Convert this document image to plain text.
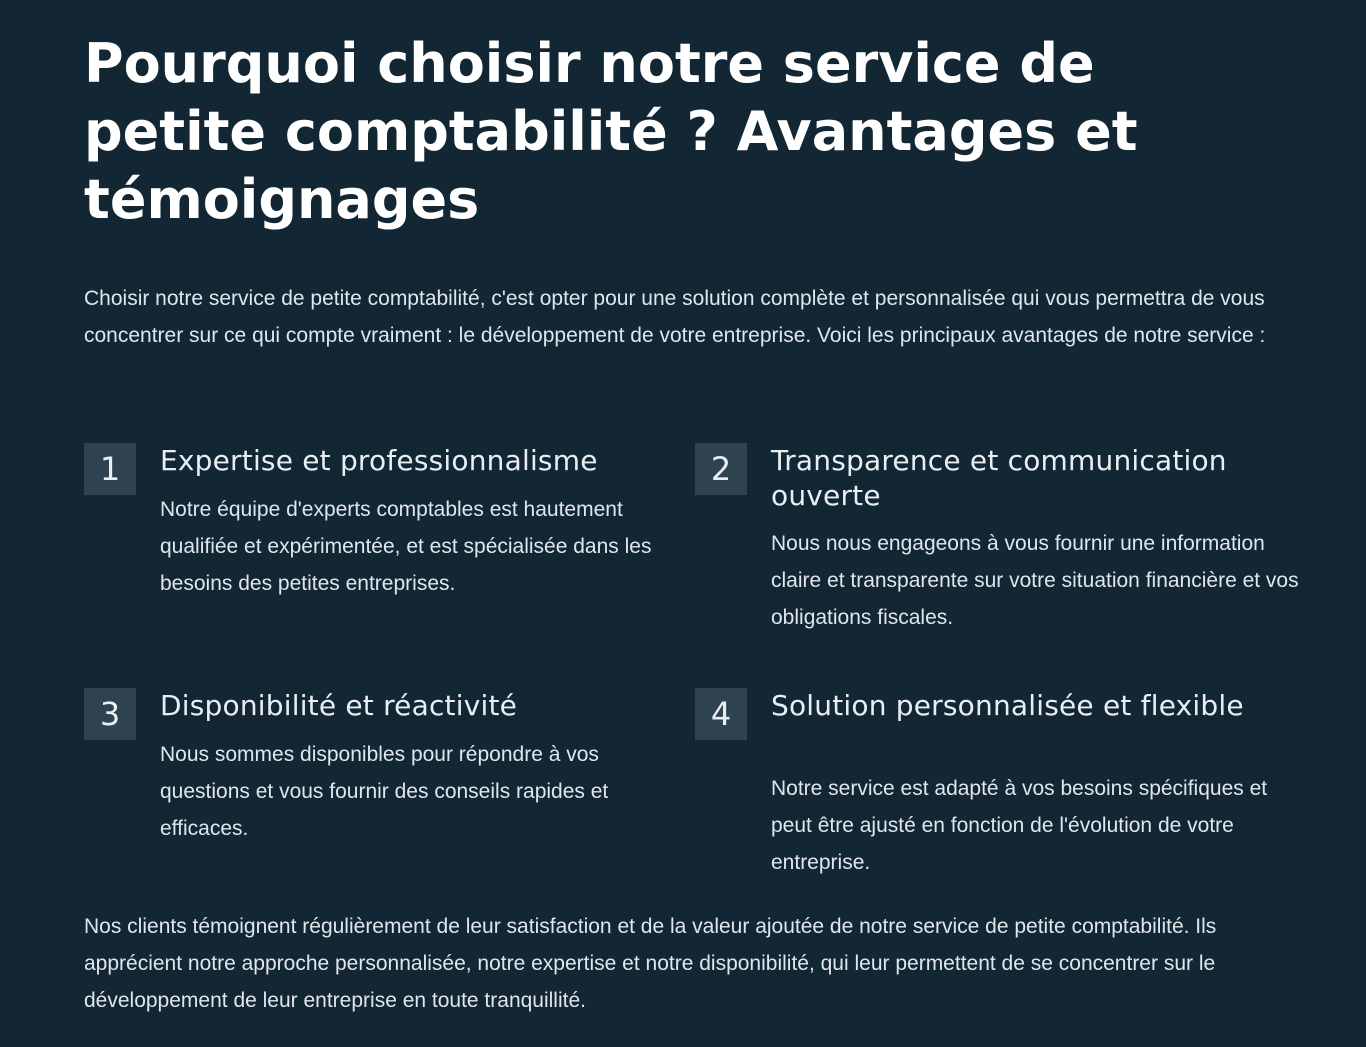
Pourquoi choisir notre service de petite comptabilité ? Avantages et témoignages

Choisir notre service de petite comptabilité, c'est opter pour une solution complète et personnalisée qui vous permettra de vous concentrer sur ce qui compte vraiment : le développement de votre entreprise. Voici les principaux avantages de notre service :

1	Expertise et professionnalisme

Notre équipe d'experts comptables est hautement qualifiée et expérimentée, et est spécialisée dans les besoins des petites entreprises.

2	Transparence et communication ouverte

Nous nous engageons à vous fournir une information claire et transparente sur votre situation financière et vos obligations fiscales.

3	Disponibilité et réactivité

Nous sommes disponibles pour répondre à vos questions et vous fournir des conseils rapides et efficaces.

4	Solution personnalisée et flexible

Notre service est adapté à vos besoins spécifiques et peut être ajusté en fonction de l'évolution de votre entreprise.

Nos clients témoignent régulièrement de leur satisfaction et de la valeur ajoutée de notre service de petite comptabilité. Ils apprécient notre approche personnalisée, notre expertise et notre disponibilité, qui leur permettent de se concentrer sur le développement de leur entreprise en toute tranquillité.
